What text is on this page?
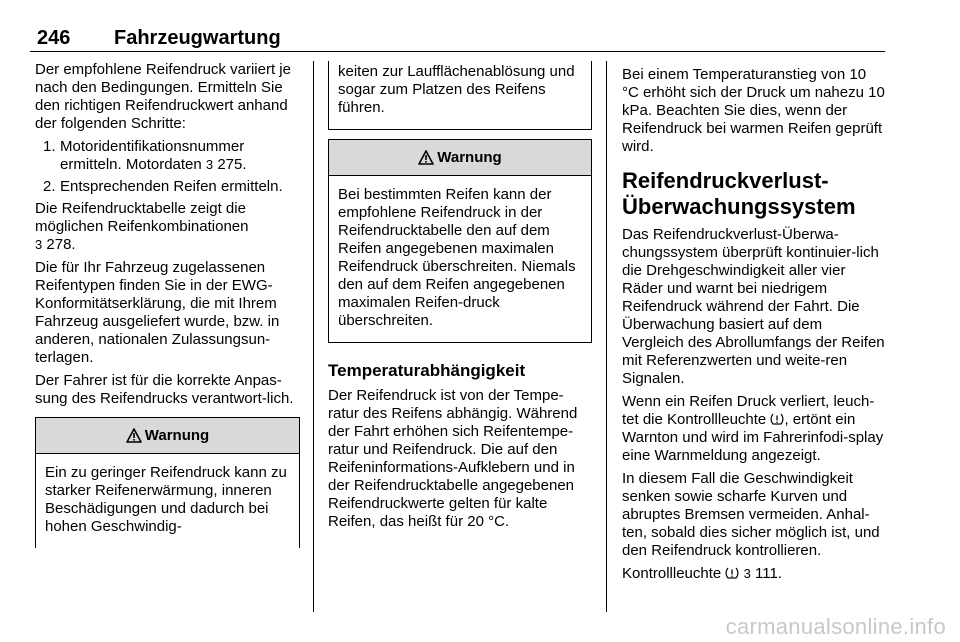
246 Fahrzeugwartung

Der empfohlene Reifendruck variiert je nach den Bedingungen. Ermitteln Sie den richtigen Reifendruckwert anhand der folgenden Schritte:

1. Motoridentifikationsnummer ermitteln. Motordaten 3 275.
2. Entsprechenden Reifen ermitteln.

Die Reifendrucktabelle zeigt die möglichen Reifenkombinationen
3 278.

Die für Ihr Fahrzeug zugelassenen Reifentypen finden Sie in der EWG-Konformitätserklärung, die mit Ihrem Fahrzeug ausgeliefert wurde, bzw. in anderen, nationalen Zulassungsun-terlagen.

Der Fahrer ist für die korrekte Anpas-sung des Reifendrucks verantwort-lich.

Warnung
Ein zu geringer Reifendruck kann zu starker Reifenerwärmung, inneren Beschädigungen und dadurch bei hohen Geschwindig-
keiten zur Laufflächenablösung und sogar zum Platzen des Reifens führen.
Warnung
Bei bestimmten Reifen kann der empfohlene Reifendruck in der Reifendrucktabelle den auf dem Reifen angegebenen maximalen Reifendruck überschreiten. Niemals den auf dem Reifen angegebenen maximalen Reifen-druck überschreiten.
Temperaturabhängigkeit

Der Reifendruck ist von der Tempe-ratur des Reifens abhängig. Während der Fahrt erhöhen sich Reifentempe-ratur und Reifendruck. Die auf den Reifeninformations-Aufklebern und in der Reifendrucktabelle angegebenen Reifendruckwerte gelten für kalte Reifen, das heißt für 20 °C.

Bei einem Temperaturanstieg von 10 °C erhöht sich der Druck um nahezu 10 kPa. Beachten Sie dies, wenn der Reifendruck bei warmen Reifen geprüft wird.

Reifendruckverlust-
Überwachungssystem

Das Reifendruckverlust-Überwa-chungssystem überprüft kontinuier-lich die Drehgeschwindigkeit aller vier Räder und warnt bei niedrigem Reifendruck während der Fahrt. Die Überwachung basiert auf dem Vergleich des Abrollumfangs der Reifen mit Referenzwerten und weite-ren Signalen.

Wenn ein Reifen Druck verliert, leuch-tet die Kontrollleuchte , ertönt ein Warnton und wird im Fahrerinfodi-splay eine Warnmeldung angezeigt.

In diesem Fall die Geschwindigkeit senken sowie scharfe Kurven und abruptes Bremsen vermeiden. Anhal-ten, sobald dies sicher möglich ist, und den Reifendruck kontrollieren.

Kontrollleuchte  3 111.

carmanualsonline.info
